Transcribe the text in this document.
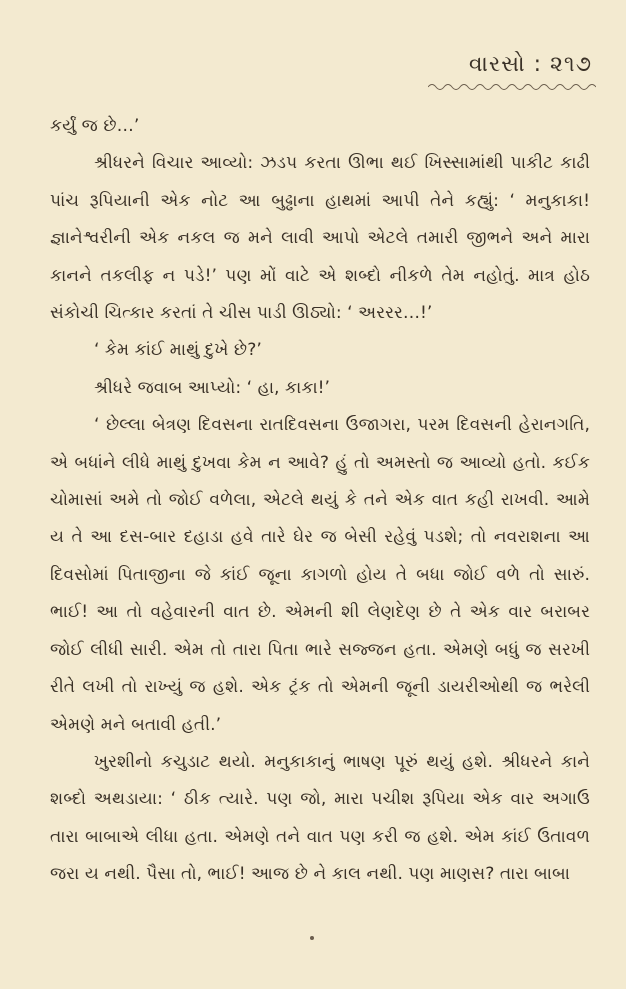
વારસો : ૨૧૭

કર્યું જ છે…’

શ્રીધરને વિચાર આવ્યો: ઝડપ કરતા ઊભા થઈ ખિસ્સામાંથી પાકીટ કાઢી પાંચ રૂપિયાની એક નોટ આ બુઢ્ઢાના હાથમાં આપી તેને કહ્યું: ‘ મનુકાકા! જ્ઞાનેશ્વરીની એક નકલ જ મને લાવી આપો એટલે તમારી જીભને અને મારા કાનને તકલીફ ન પડે!’ પણ મોં વાટે એ શબ્દો નીકળે તેમ નહોતું. માત્ર હોઠ સંકોચી ચિત્કાર કરતાં તે ચીસ પાડી ઊઠ્યો: ‘ અરરર…!’

‘ કેમ કાંઈ માથું દુખે છે?’

શ્રીધરે જવાબ આપ્યો: ‘ હા, કાકા!’

‘ છેલ્લા બેત્રણ દિવસના રાતદિવસના ઉજાગરા, પરમ દિવસની હેરાનગતિ, એ બધાંને લીધે માથું દુખવા કેમ ન આવે? હું તો અમસ્તો જ આવ્યો હતો. કઈક ચોમાસાં અમે તો જોઈ વળેલા, એટલે થયું કે તને એક વાત કહી રાખવી. આમે ય તે આ દસ-બાર દહાડા હવે તારે ઘેર જ બેસી રહેવું પડશે; તો નવરાશના આ દિવસોમાં પિતાજીના જે કાંઈ જૂના કાગળો હોય તે બધા જોઈ વળે તો સારું. ભાઈ! આ તો વહેવારની વાત છે. એમની શી લેણદેણ છે તે એક વાર બરાબર જોઈ લીધી સારી. એમ તો તારા પિતા ભારે સજ્જન હતા. એમણે બધું જ સરખી રીતે લખી તો રાખ્યું જ હશે. એક ટ્રંક તો એમની જૂની ડાયરીઓથી જ ભરેલી એમણે મને બતાવી હતી.’

ખુરશીનો કચુડાટ થયો. મનુકાકાનું ભાષણ પૂરું થયું હશે. શ્રીધરને કાને શબ્દો અથડાયા: ‘ ઠીક ત્યારે. પણ જો, મારા પચીશ રૂપિયા એક વાર અગાઉ તારા બાબાએ લીધા હતા. એમણે તને વાત પણ કરી જ હશે. એમ કાંઈ ઉતાવળ જરા ય નથી. પૈસા તો, ભાઈ! આજ છે ને કાલ નથી. પણ માણસ? તારા બાબા
